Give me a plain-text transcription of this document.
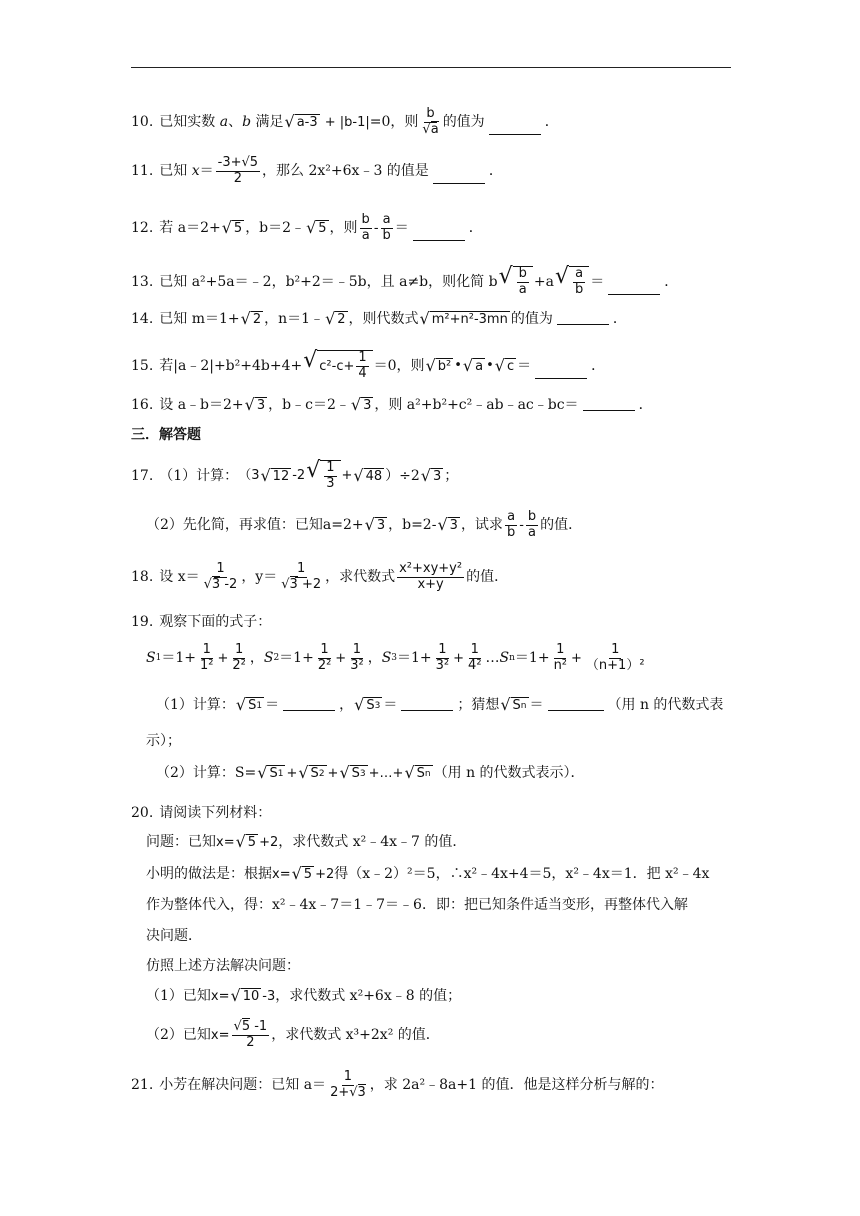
10. 已知实数 a 、 b 满足 √ a-3 + |b-1| =0，则 $\frac{b}{√a}$ 的值为	．
11. 已知 $x = \frac{-3+√5}{2}$ ，那么 2x²+6x﹣3 的值是	．
12. 若
a＝2+ √ 5 ，b＝2﹣ √ 5 ，则 $\frac{b}{a} - \frac{a}{b}$ ＝	．
13. 已知 a²+5a＝﹣2，b²+2＝﹣5b，且 a≠b，则化简 b √ $\frac{b}{a} +a$ √ $\frac{a}{b}$ ＝	．
14. 已知 m＝1+ √ 2 ，n＝1﹣ √ 2 ，则代数式 √ m²+n²-3mn 的值为	．
15. 若|a﹣2|+b²+4b+4+ √ $c^2-c+ \frac{1}{4} =0$，则 √ b² • √ a • √ c ＝	．
16. 设 a﹣b＝2+ √ 3 ，b﹣c＝2﹣ √ 3 ，则 a²+b²+c²﹣ab﹣ac﹣bc＝	．
三．解答题
17. （1）计算： （3 √ 12 -2 √ $\frac{1}{3}$ + √ 48 ）÷2 √ 3 ；
（2）先化简，再求值：已知a=2+ √ 3 ，b=2- √ 3 ，试求 $\frac{a}{b} - \frac{b}{a}$ 的值．
18. 设 $x= \frac{1}{√3 -2}$ ，$y= \frac{1}{√3 +2}$ ，求代数式 $\frac{\text{x²+xy+y²}}{x+y}$ 的值．
19. 观察下面的式子：
S $1 =1+ \frac{1}{\text{1²}} + \frac{1}{\text{2²}}$ ， S $2 =1+ \frac{1}{\text{2²}} + \frac{1}{\text{3²}}$ ， S $3 =1+ \frac{1}{\text{3²}} + \frac{1}{\text{4²}}$ … S $n =1+ \frac{1}{\text{n²}} + \frac{1}{\text{（n+1）²}}$
（1）计算： √ S 1 ＝	， √ S 3 ＝	；猜想 √ S n ＝	（用 n 的代数式表
示）；
（2）计算：S= √ S 1 + √ S 2 + √ S 3 +…+ √ S n （用 n 的代数式表示）．
20. 请阅读下列材料：
问题：已知 x= √ 5 +2 ，求代数式 x²﹣4x﹣7 的值．
小明的做法是：根据 x= √ 5 +2 得（x﹣2）²＝5，∴x²﹣4x+4＝5，x²﹣4x＝1．把 x²﹣4x
作为整体代入，得：x²﹣4x﹣7＝1﹣7＝﹣6．即：把已知条件适当变形，再整体代入解
决问题．
仿照上述方法解决问题：
（1）已知 x= √ 10 -3 ，求代数式 x²+6x﹣8 的值；
（2）已知 $x= \frac{√5 -1}{2}$ ，求代数式 x³+2x² 的值．
21. 小芳在解决问题：已知 $a= \frac{1}{2+√3}$ ，求 2a²﹣8a+1 的值．他是这样分析与解的：
